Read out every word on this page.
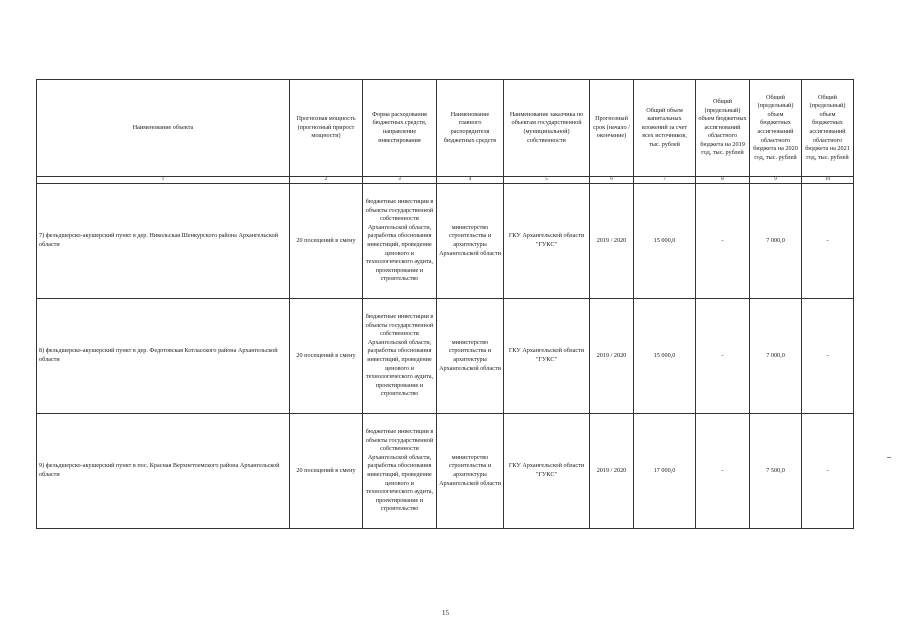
Наименование объекта	Прогнозная мощность (прогнозный прирост мощности)	Форма расходования бюджетных средств, направление инвестирования	Наименование главного распорядителя бюджетных средств	Наименование заказчика по объектам государственной (муниципальной) собственности	Прогнозный срок (начало / окончание)	Общий объем капитальных вложений за счет всех источников, тыс. рублей	Общий (предельный) объем бюджетных ассигнований областного бюджета на 2019 год, тыс. рублей	Общий (предельный) объем бюджетных ассигнований областного бюджета на 2020 год, тыс. рублей	Общий (предельный) объем бюджетных ассигнований областного бюджета на 2021 год, тыс. рублей
1	2	3	4	5	6	7	8	9	10
7) фельдшерско-акушерский пункт в дер. Никольская Шенкурского района Архангельской области	20 посещений в смену	бюджетные инвестиции в объекты государственной собственности Архангельской области, разработка обоснования инвестиций, проведение ценового и технологического аудита, проектирование и строительство	министерство строительства и архитектуры Архангельской области	ГКУ Архангельской области "ГУКС"	2019 / 2020	15 000,0	-	7 000,0	-
8) фельдшерско-акушерский пункт в дер. Федотовская Котласского района Архангельской области	20 посещений в смену	бюджетные инвестиции в объекты государственной собственности Архангельской области, разработка обоснования инвестиций, проведение ценового и технологического аудита, проектирование и строительство	министерство строительства и архитектуры Архангельской области	ГКУ Архангельской области "ГУКС"	2019 / 2020	15 000,0	-	7 000,0	-
9) фельдшерско-акушерский пункт в пос. Красная Верхнетоемского района Архангельской области	20 посещений в смену	бюджетные инвестиции в объекты государственной собственности Архангельской области, разработка обоснования инвестиций, проведение ценового и технологического аудита, проектирование и строительство	министерство строительства и архитектуры Архангельской области	ГКУ Архангельской области "ГУКС"	2019 / 2020	17 000,0	-	7 500,0	-
15
